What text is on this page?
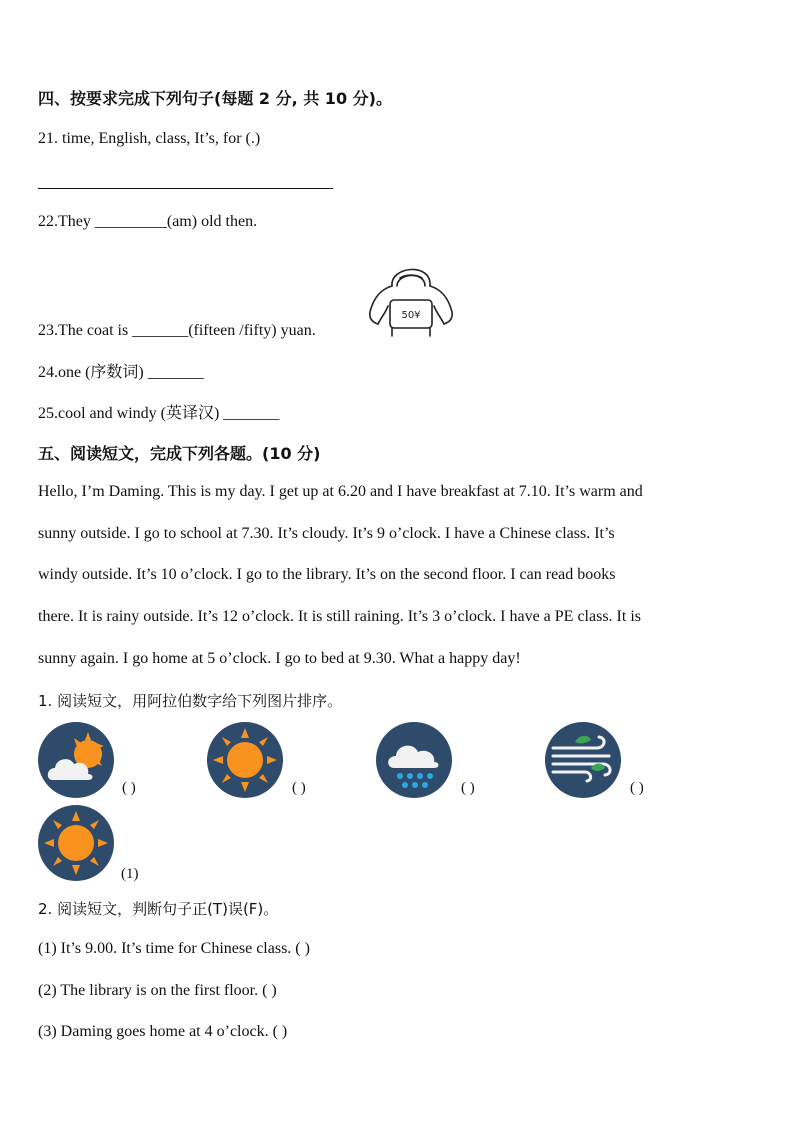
四、按要求完成下列句子(每题 2 分, 共 10 分)。
21. time, English, class, It’s, for (.)
22.They _________(am) old then.
50¥
23.The coat is _______(fifteen /fifty) yuan.
24.one (序数词) _______
25.cool and windy (英译汉) _______
五、阅读短文，完成下列各题。(10 分)
Hello, I’m Daming. This is my day. I get up at 6.20 and I have breakfast at 7.10. It’s warm and
sunny outside. I go to school at 7.30. It’s cloudy. It’s 9 o’clock. I have a Chinese class. It’s
windy outside. It’s 10 o’clock. I go to the library. It’s on the second floor. I can read books
there. It is rainy outside. It’s 12 o’clock. It is still raining. It’s 3 o’clock. I have a PE class. It is
sunny again. I go home at 5 o’clock. I go to bed at 9.30. What a happy day!
1. 阅读短文，用阿拉伯数字给下列图片排序。
( )	( )	( )	( )
(1)
2. 阅读短文，判断句子正(T)误(F)。
(1) It’s 9.00. It’s time for Chinese class. ( )
(2) The library is on the first floor. ( )
(3) Daming goes home at 4 o’clock. ( )
